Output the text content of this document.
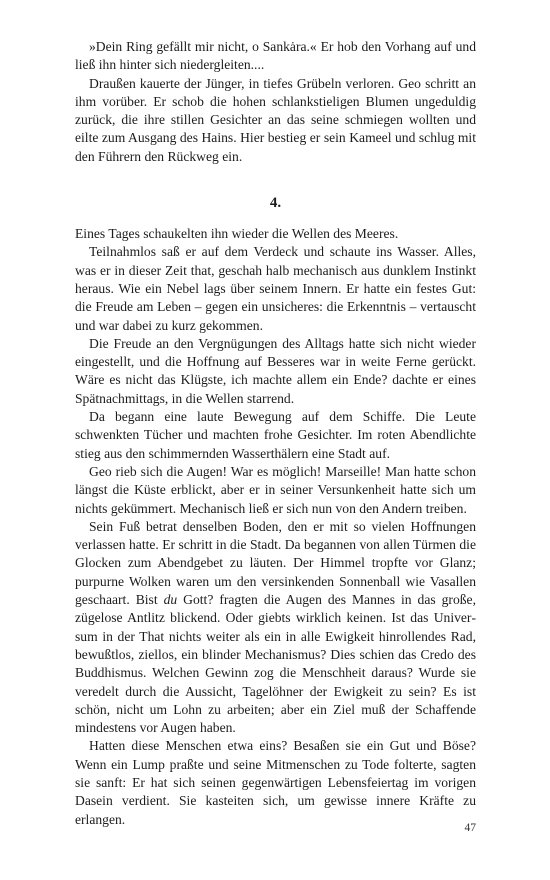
»Dein Ring gefällt mir nicht, o Sankȧra.« Er hob den Vorhang auf und ließ ihn hinter sich niedergleiten....

Draußen kauerte der Jünger, in tiefes Grübeln verloren. Geo schritt an ihm vorüber. Er schob die hohen schlankstieligen Blumen ungeduldig zurück, die ihre stillen Gesichter an das seine schmiegen wollten und eilte zum Ausgang des Hains. Hier bestieg er sein Kameel und schlug mit den Führern den Rückweg ein.

4.

Eines Tages schaukelten ihn wieder die Wellen des Meeres.

Teilnahmlos saß er auf dem Verdeck und schaute ins Wasser. Alles, was er in dieser Zeit that, geschah halb mechanisch aus dunklem Instinkt heraus. Wie ein Nebel lags über seinem Innern. Er hatte ein festes Gut: die Freude am Leben – gegen ein unsicheres: die Erkenntnis – vertauscht und war dabei zu kurz gekommen.

Die Freude an den Vergnügungen des Alltags hatte sich nicht wieder eingestellt, und die Hoffnung auf Besseres war in weite Ferne gerückt. Wäre es nicht das Klügste, ich machte allem ein Ende? dachte er eines Spätnachmittags, in die Wellen starrend.

Da begann eine laute Bewegung auf dem Schiffe. Die Leute schwenkten Tücher und machten frohe Gesichter. Im roten Abendlichte stieg aus den schimmernden Wasserthälern eine Stadt auf.

Geo rieb sich die Augen! War es möglich! Marseille! Man hatte schon längst die Küste erblickt, aber er in seiner Versunkenheit hatte sich um nichts gekümmert. Mechanisch ließ er sich nun von den Andern treiben.

Sein Fuß betrat denselben Boden, den er mit so vielen Hoffnungen verlassen hatte. Er schritt in die Stadt. Da begannen von allen Türmen die Glocken zum Abendgebet zu läuten. Der Himmel tropfte vor Glanz; purpurne Wolken waren um den versinkenden Sonnenball wie Vasallen geschaart. Bist du Gott? fragten die Augen des Mannes in das große, zügelose Antlitz blickend. Oder giebts wirklich keinen. Ist das Universum in der That nichts weiter als ein in alle Ewigkeit hinrollendes Rad, bewußtlos, ziellos, ein blinder Mechanismus? Dies schien das Credo des Buddhismus. Welchen Gewinn zog die Menschheit daraus? Wurde sie veredelt durch die Aussicht, Tagelöhner der Ewigkeit zu sein? Es ist schön, nicht um Lohn zu arbeiten; aber ein Ziel muß der Schaffende mindestens vor Augen haben.

Hatten diese Menschen etwa eins? Besaßen sie ein Gut und Böse? Wenn ein Lump praßte und seine Mitmenschen zu Tode folterte, sagten sie sanft: Er hat sich seinen gegenwärtigen Lebensfeiertag im vorigen Dasein verdient. Sie kasteiten sich, um gewisse innere Kräfte zu erlangen.

47
